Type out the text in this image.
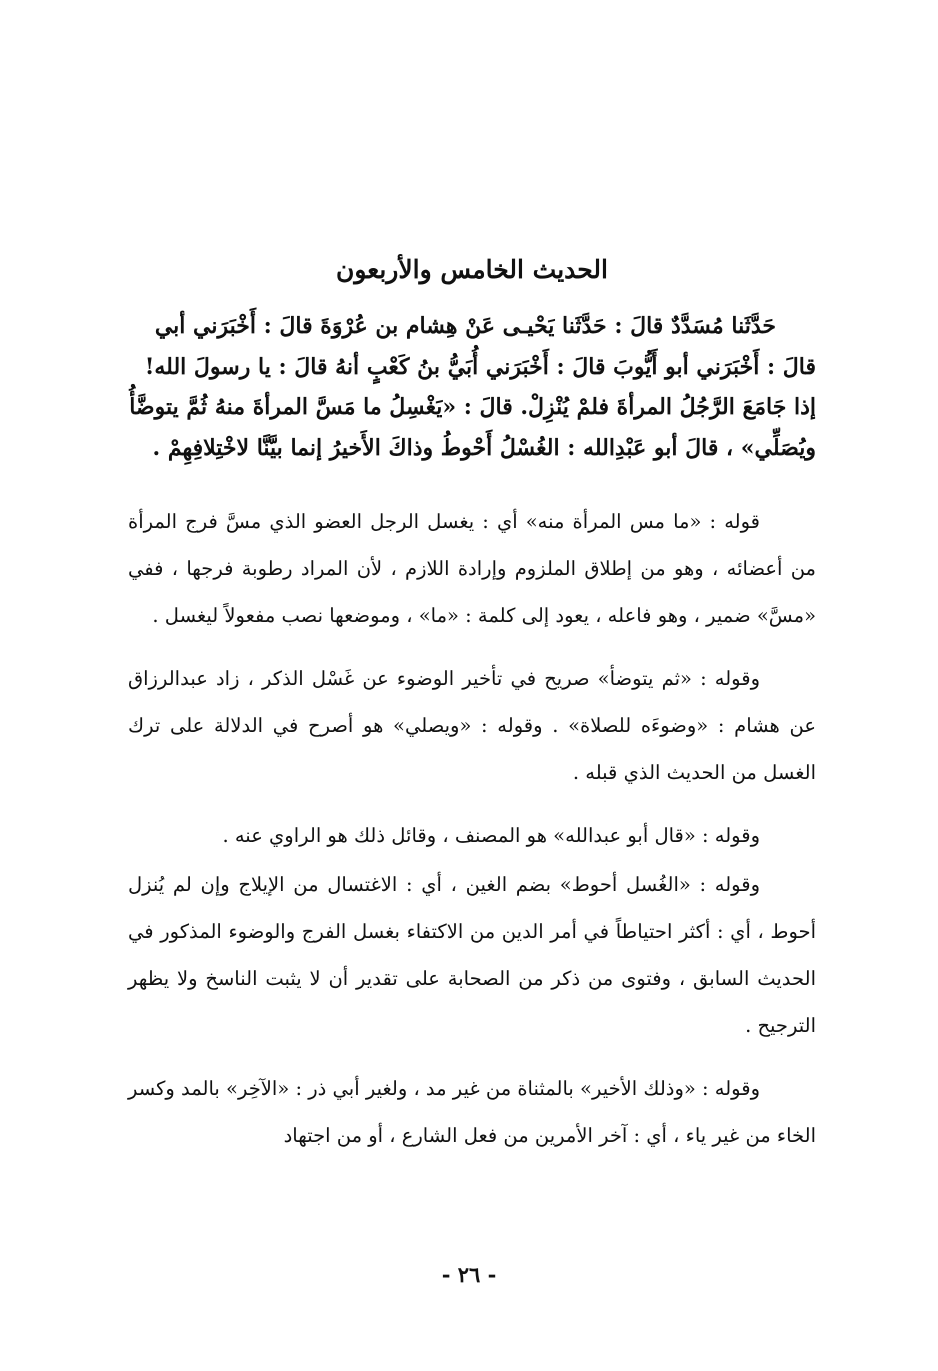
الحديث الخامس والأربعون

حَدَّثَنا مُسَدَّدٌ قالَ : حَدَّثَنا يَحْيـى عَنْ هِشام بن عُرْوَةَ قالَ : أَخْبَرَني أبي

قالَ : أَخْبَرَني أبو أَيُّوبَ قالَ : أَخْبَرَني أُبَيُّ بنُ كَعْبٍ أنهُ قالَ : يا رسولَ الله!

إذا جَامَعَ الرَّجُلُ المرأةَ فلمْ يُنْزِلْ. قالَ : «يَغْسِلُ ما مَسَّ المرأةَ منهُ ثُمَّ يتوضَّأُ

ويُصَلِّي» ، قالَ أبو عَبْدِالله : الغُسْلُ أَحْوطُ وذاكَ الأَخيرُ إنما بيَّنَّا لاخْتِلافِهِمْ .

قوله : «ما مس المرأة منه» أي : يغسل الرجل العضو الذي مسَّ فرج المرأة من أعضائه ، وهو من إطلاق الملزوم وإرادة اللازم ، لأن المراد رطوبة فرجها ، ففي «مسَّ» ضمير ، وهو فاعله ، يعود إلى كلمة : «ما» ، وموضعها نصب مفعولاً ليغسل .

وقوله : «ثم يتوضأ» صريح في تأخير الوضوء عن غَسْل الذكر ، زاد عبدالرزاق عن هشام : «وضوءَه للصلاة» . وقوله : «ويصلي» هو أصرح في الدلالة على ترك الغسل من الحديث الذي قبله .

وقوله : «قال أبو عبدالله» هو المصنف ، وقائل ذلك هو الراوي عنه .

وقوله : «الغُسل أحوط» بضم الغين ، أي : الاغتسال من الإيلاج وإن لم يُنزل أحوط ، أي : أكثر احتياطاً في أمر الدين من الاكتفاء بغسل الفرج والوضوء المذكور في الحديث السابق ، وفتوى من ذكر من الصحابة على تقدير أن لا يثبت الناسخ ولا يظهر الترجيح .

وقوله : «وذلك الأخير» بالمثناة من غير مد ، ولغير أبي ذر : «الآخِر» بالمد وكسر الخاء من غير ياء ، أي : آخر الأمرين من فعل الشارع ، أو من اجتهاد

- ٢٦ -
